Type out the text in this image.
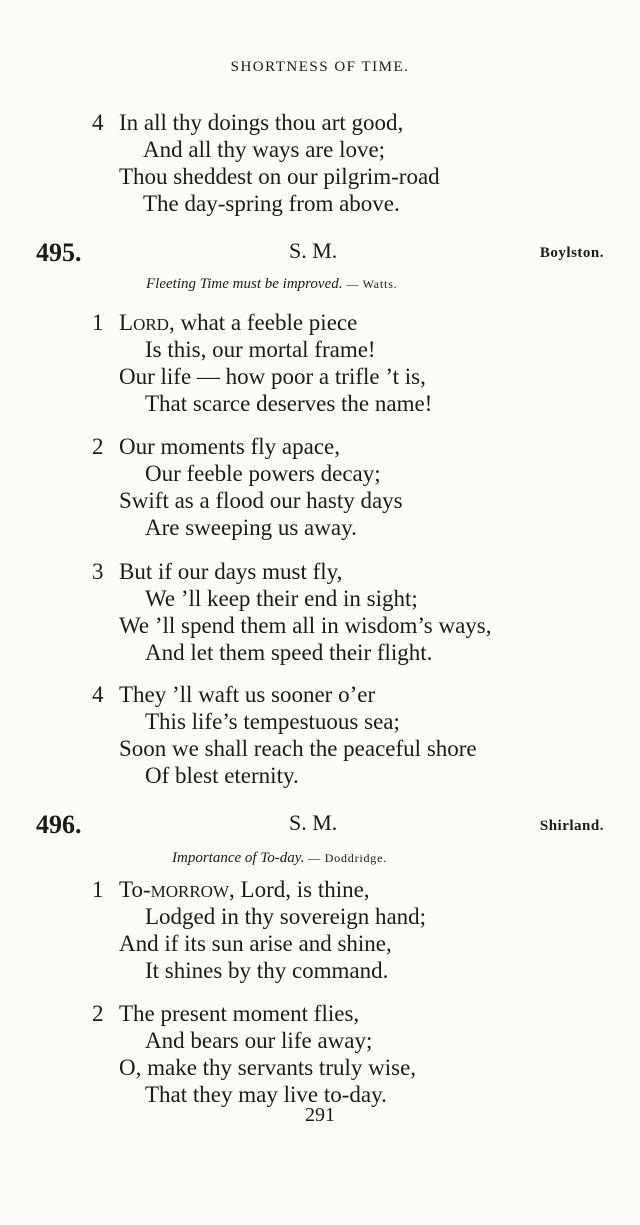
SHORTNESS OF TIME.
4 In all thy doings thou art good,
And all thy ways are love;
Thou sheddest on our pilgrim-road
The day-spring from above.
495.	S. M.	Boylston.
Fleeting Time must be improved. — Watts.
1 LORD, what a feeble piece
Is this, our mortal frame!
Our life — how poor a trifle ’t is,
That scarce deserves the name!
2 Our moments fly apace,
Our feeble powers decay;
Swift as a flood our hasty days
Are sweeping us away.
3 But if our days must fly,
We ’ll keep their end in sight;
We ’ll spend them all in wisdom’s ways,
And let them speed their flight.
4 They ’ll waft us sooner o’er
This life’s tempestuous sea;
Soon we shall reach the peaceful shore
Of blest eternity.
496.	S. M.	Shirland.
Importance of To-day. — Doddridge.
1 To-MORROW, Lord, is thine,
Lodged in thy sovereign hand;
And if its sun arise and shine,
It shines by thy command.
2 The present moment flies,
And bears our life away;
O, make thy servants truly wise,
That they may live to-day.
291
